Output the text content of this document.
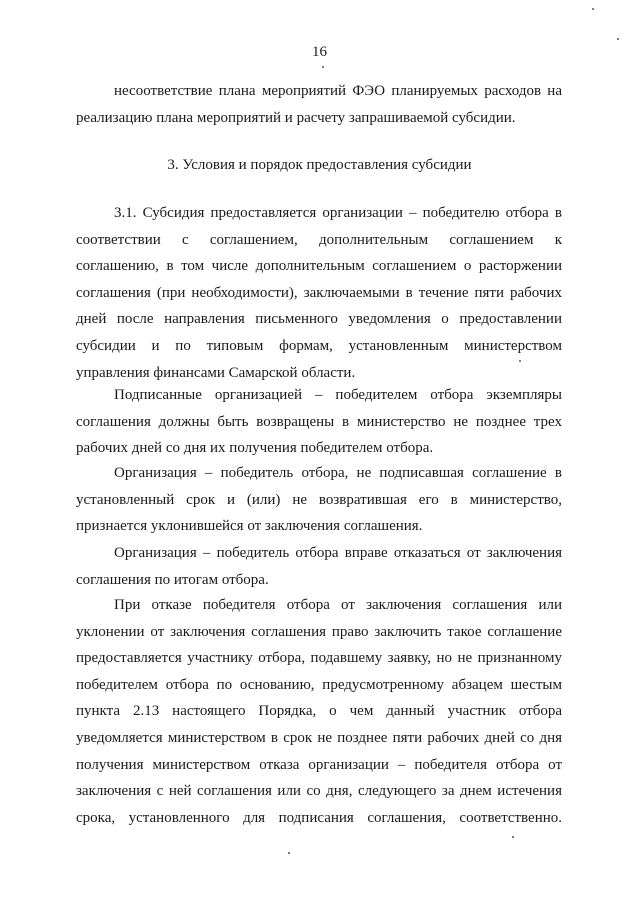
16
несоответствие плана мероприятий ФЭО планируемых расходов на
реализацию плана мероприятий и расчету запрашиваемой субсидии.
3. Условия и порядок предоставления субсидии
3.1. Субсидия предоставляется организации – победителю отбора в
соответствии с соглашением, дополнительным соглашением к
соглашению, в том числе дополнительным соглашением о расторжении
соглашения (при необходимости), заключаемыми в течение пяти рабочих
дней после направления письменного уведомления о предоставлении
субсидии и по типовым формам, установленным министерством
управления финансами Самарской области.
Подписанные организацией – победителем отбора экземпляры
соглашения должны быть возвращены в министерство не позднее трех
рабочих дней со дня их получения победителем отбора.
Организация – победитель отбора, не подписавшая соглашение в
установленный срок и (или) не возвратившая его в министерство,
признается уклонившейся от заключения соглашения.
Организация – победитель отбора вправе отказаться от заключения
соглашения по итогам отбора.
При отказе победителя отбора от заключения соглашения или
уклонении от заключения соглашения право заключить такое соглашение
предоставляется участнику отбора, подавшему заявку, но не признанному
победителем отбора по основанию, предусмотренному абзацем шестым
пункта 2.13 настоящего Порядка, о чем данный участник отбора
уведомляется министерством в срок не позднее пяти рабочих дней со дня
получения министерством отказа организации – победителя отбора от
заключения с ней соглашения или со дня, следующего за днем истечения
срока, установленного для подписания соглашения, соответственно.
